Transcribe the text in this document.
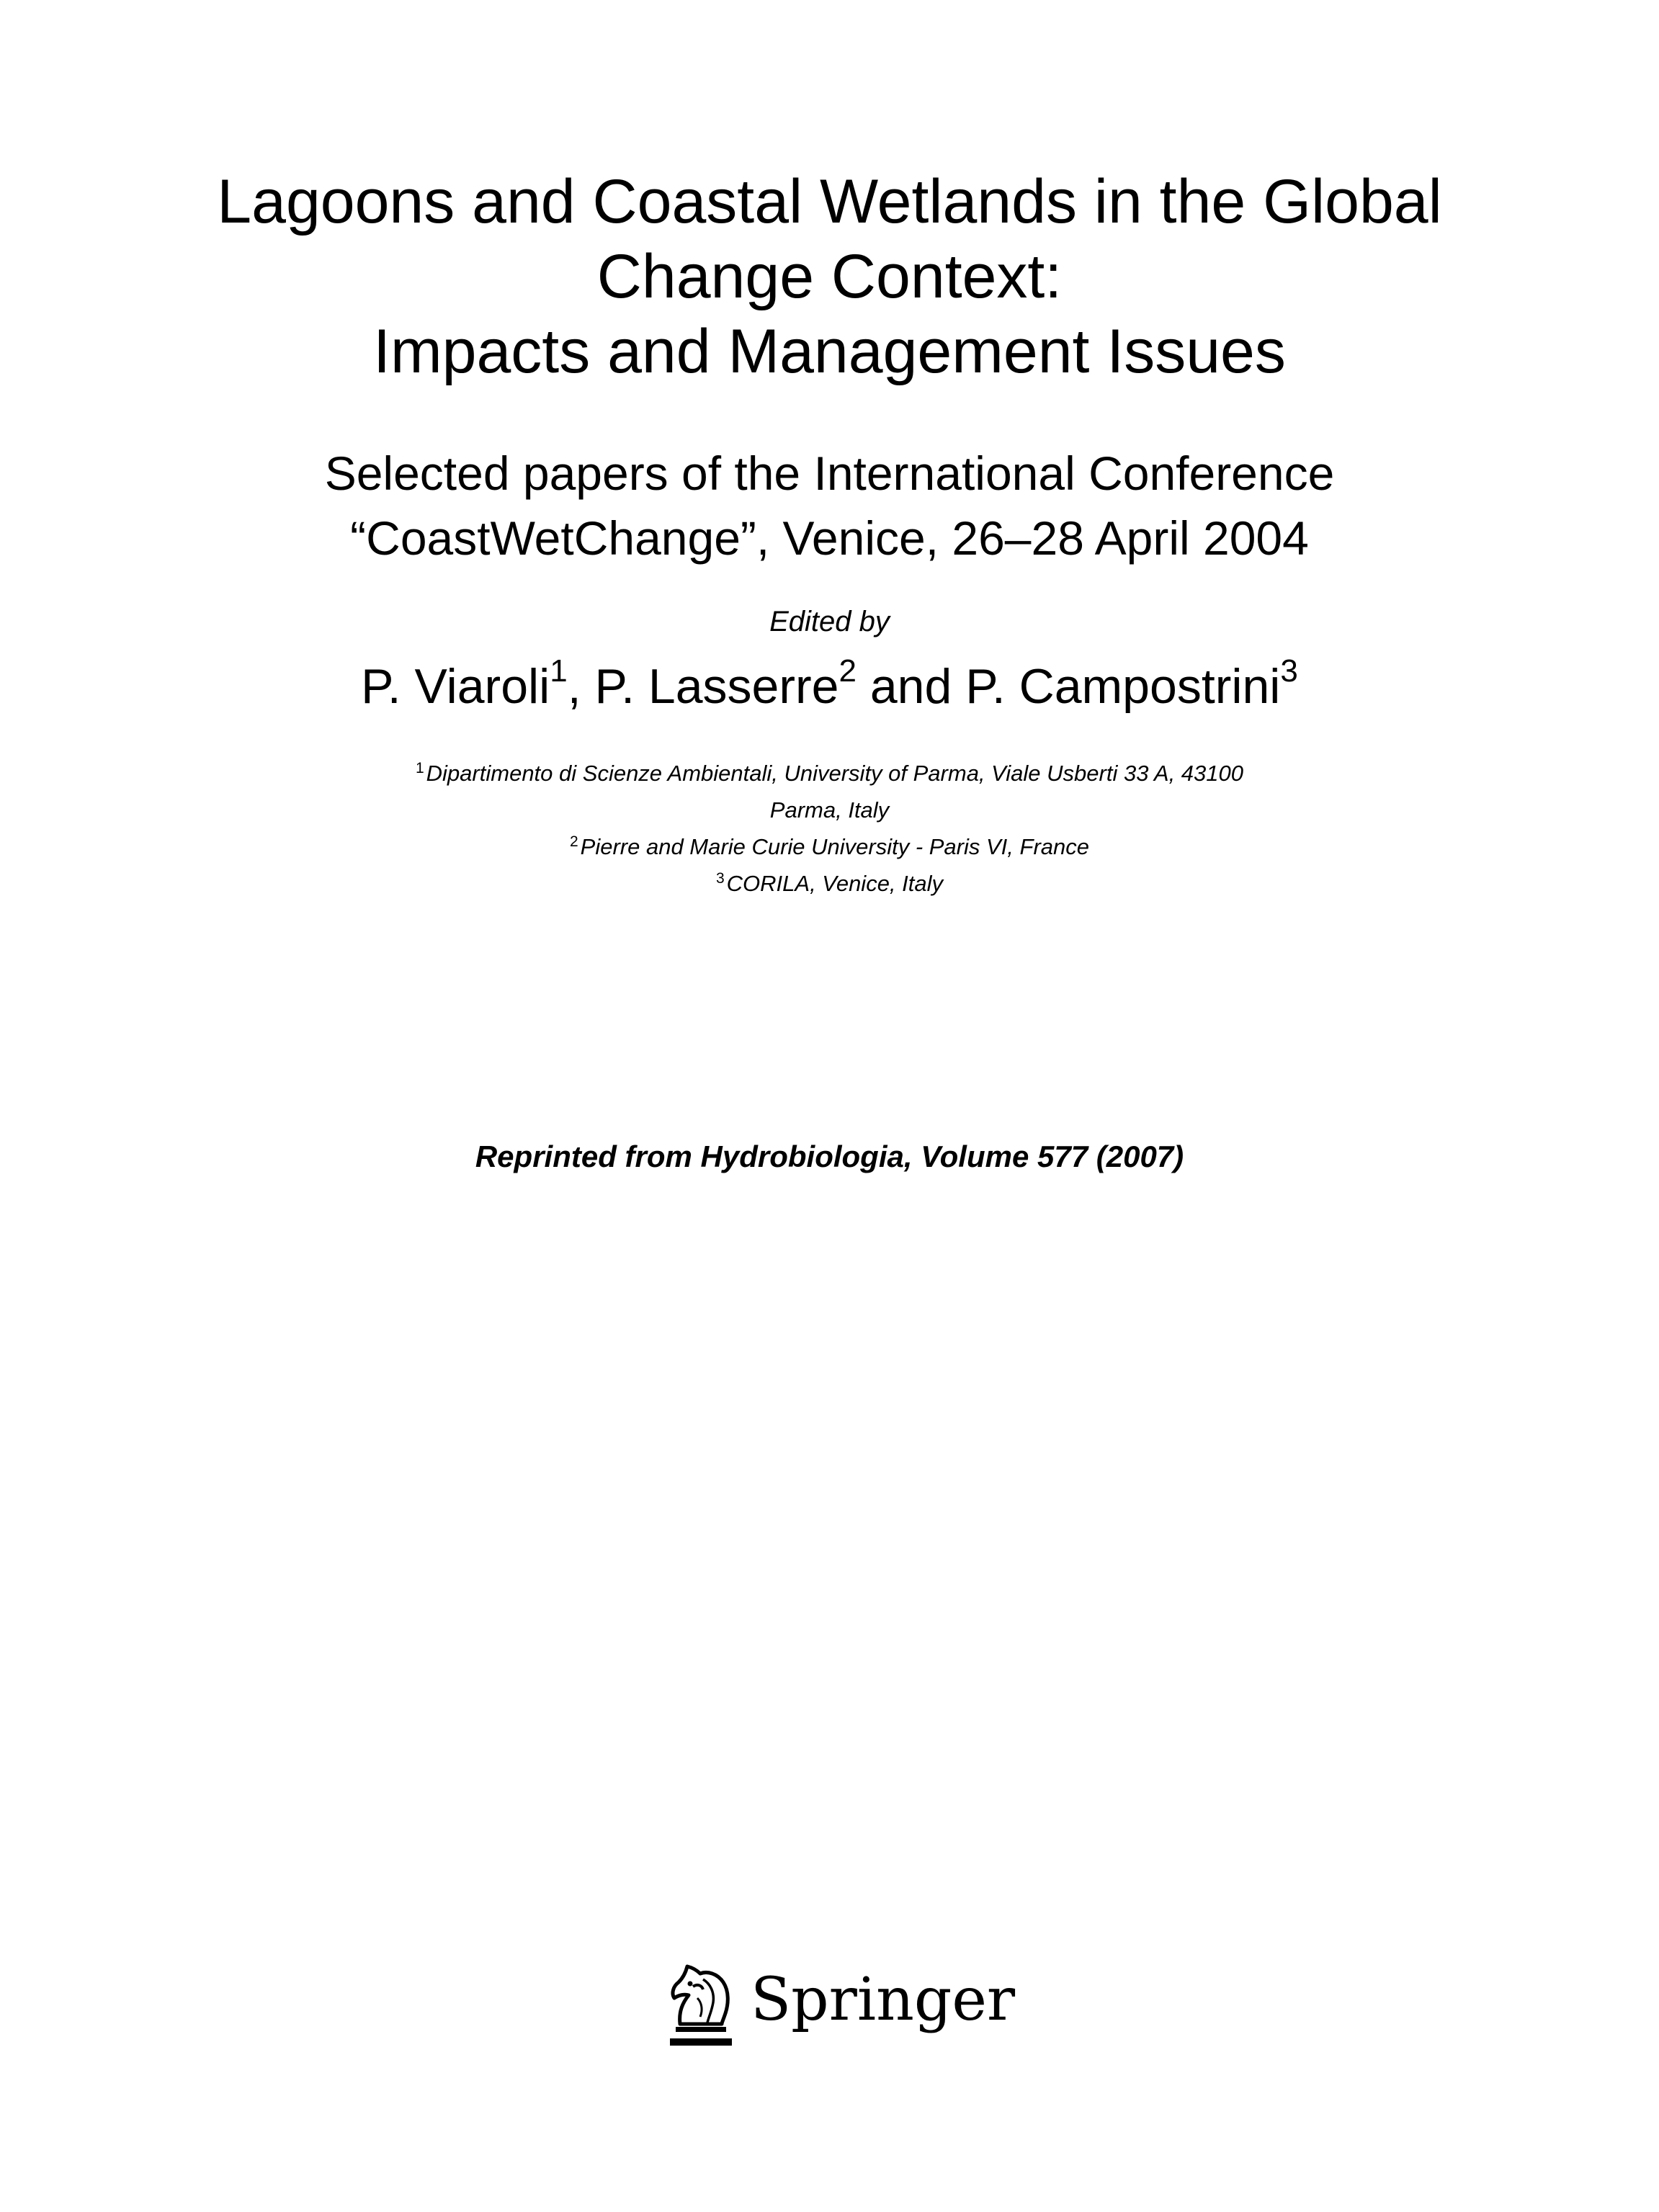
Lagoons and Coastal Wetlands in the Global
Change Context:
Impacts and Management Issues
Selected papers of the International Conference
“CoastWetChange”, Venice, 26–28 April 2004
Edited by
P. Viaroli$^1$, P. Lasserre$^2$ and P. Campostrini$^3$
$^1$Dipartimento di Scienze Ambientali, University of Parma, Viale Usberti 33 A, 43100
Parma, Italy
$^2$Pierre and Marie Curie University - Paris VI, France
$^3$CORILA, Venice, Italy
Reprinted from Hydrobiologia, Volume 577 (2007)
Springer
